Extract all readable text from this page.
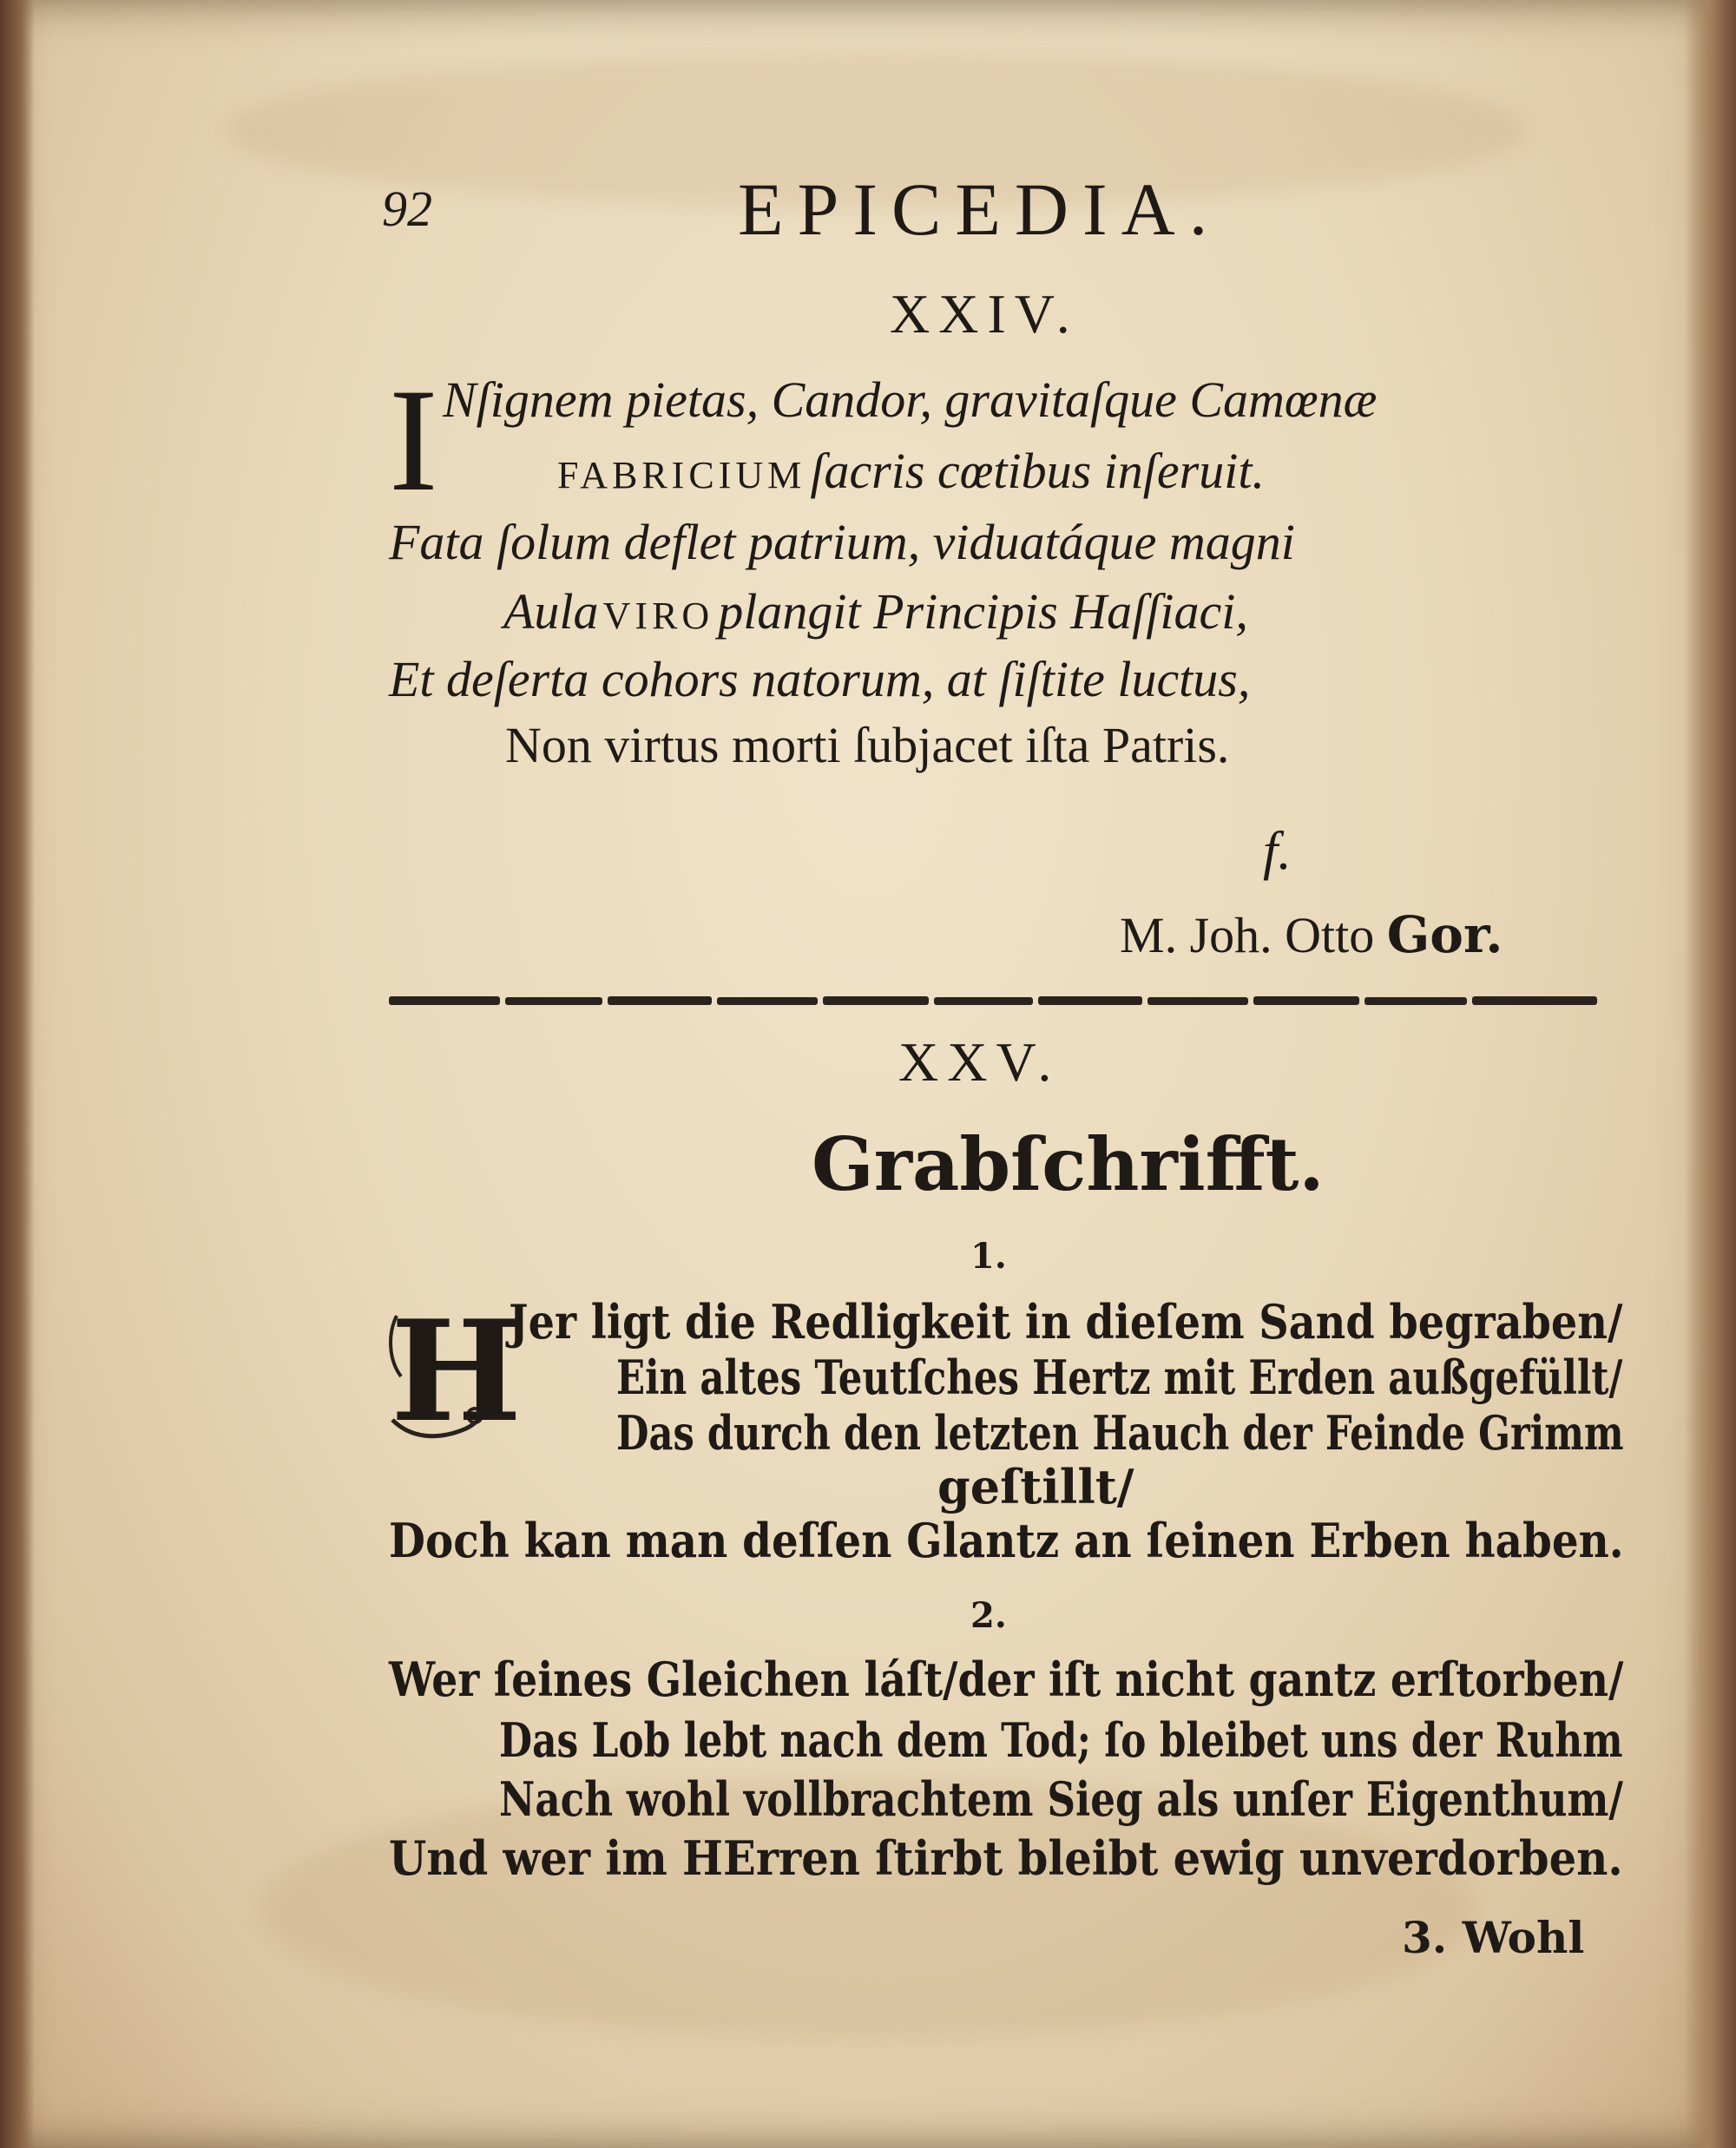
92	EPICEDIA.
XXIV.
I Nſignem pietas, Candor, gravitaſque Camœnæ
FABRICIUM ſacris cœtibus inſeruit.
Fata ſolum deflet patrium, viduatáque magni
Aula VIRO plangit Principis Haſſiaci,
Et deſerta cohors natorum, at ſiſtite luctus,
Non virtus morti ſubjacet iſta Patris.
f.
M. Joh. Otto Gor.
XXV.
Grabſchrifft.
1.
H
Jer ligt die Redligkeit in dieſem Sand begraben/
Ein altes Teutſches Hertz mit Erden außgefüllt/
Das durch den letzten Hauch der Feinde Grimm
geſtillt/
Doch kan man deſſen Glantz an ſeinen Erben haben.
2.
Wer ſeines Gleichen láſt/der iſt nicht gantz erſtorben/
Das Lob lebt nach dem Tod; ſo bleibet uns der Ruhm
Nach wohl vollbrachtem Sieg als unſer Eigenthum/
Und wer im HErren ſtirbt bleibt ewig unverdorben.
3. Wohl
